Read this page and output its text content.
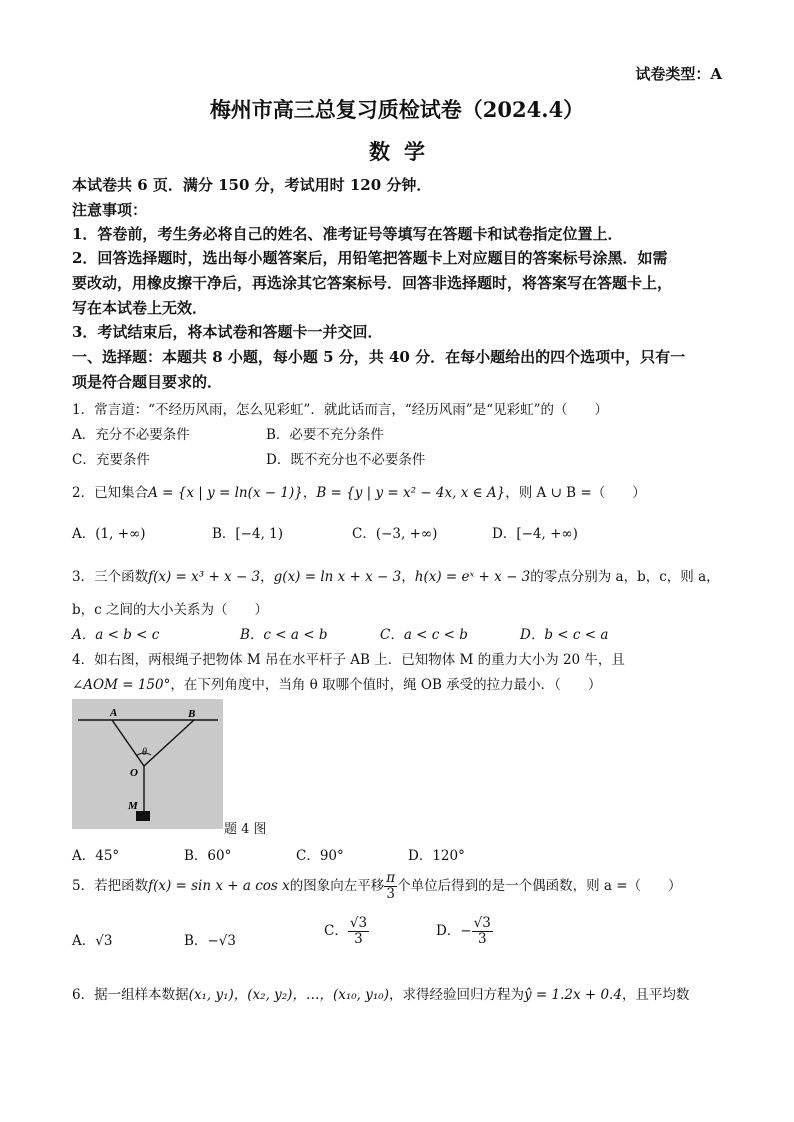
试卷类型：A
梅州市高三总复习质检试卷（2024.4）
数学
本试卷共 6 页．满分 150 分，考试用时 120 分钟．
注意事项：
1．答卷前，考生务必将自己的姓名、准考证号等填写在答题卡和试卷指定位置上．
2．回答选择题时，选出每小题答案后，用铅笔把答题卡上对应题目的答案标号涂黑．如需
要改动，用橡皮擦干净后，再选涂其它答案标号．回答非选择题时，将答案写在答题卡上，
写在本试卷上无效．
3．考试结束后，将本试卷和答题卡一并交回．
一、选择题：本题共 8 小题，每小题 5 分，共 40 分．在每小题给出的四个选项中，只有一
项是符合题目要求的．
1．常言道：“不经历风雨，怎么见彩虹”．就此话而言，“经历风雨”是“见彩虹”的（　　）
A．充分不必要条件	B．必要不充分条件
C．充要条件	D．既不充分也不必要条件
2．已知集合A = {x | y = ln(x − 1)}，B = {y | y = x² − 4x, x ∈ A}，则 A ∪ B =（　　）
A．(1, +∞)	B．[−4, 1)	C．(−3, +∞)	D．[−4, +∞)
3．三个函数f(x) = x³ + x − 3，g(x) = ln x + x − 3，h(x) = eˣ + x − 3的零点分别为 a，b，c，则 a，
b，c 之间的大小关系为（　　）
A．a < b < c	B．c < a < b	C．a < c < b	D．b < c < a
4．如右图，两根绳子把物体 M 吊在水平杆子 AB 上．已知物体 M 的重力大小为 20 牛，且
∠AOM = 150°，在下列角度中，当角 θ 取哪个值时，绳 OB 承受的拉力最小．（　　）
A	B
O
M
θ
题 4 图
A．45°	B．60°	C．90°	D．120°
5．若把函数f(x) = sin x + a cos x的图象向左平移 $\frac{\pi}{3}$ 个单位后得到的是一个偶函数，则 a =（　　）
A．√3	B．−√3
C． $\frac{√3}{3}$	D．− $\frac{√3}{3}$
6．据一组样本数据(x₁, y₁)，(x₂, y₂)，…，(x₁₀, y₁₀)，求得经验回归方程为ŷ = 1.2x + 0.4，且平均数
